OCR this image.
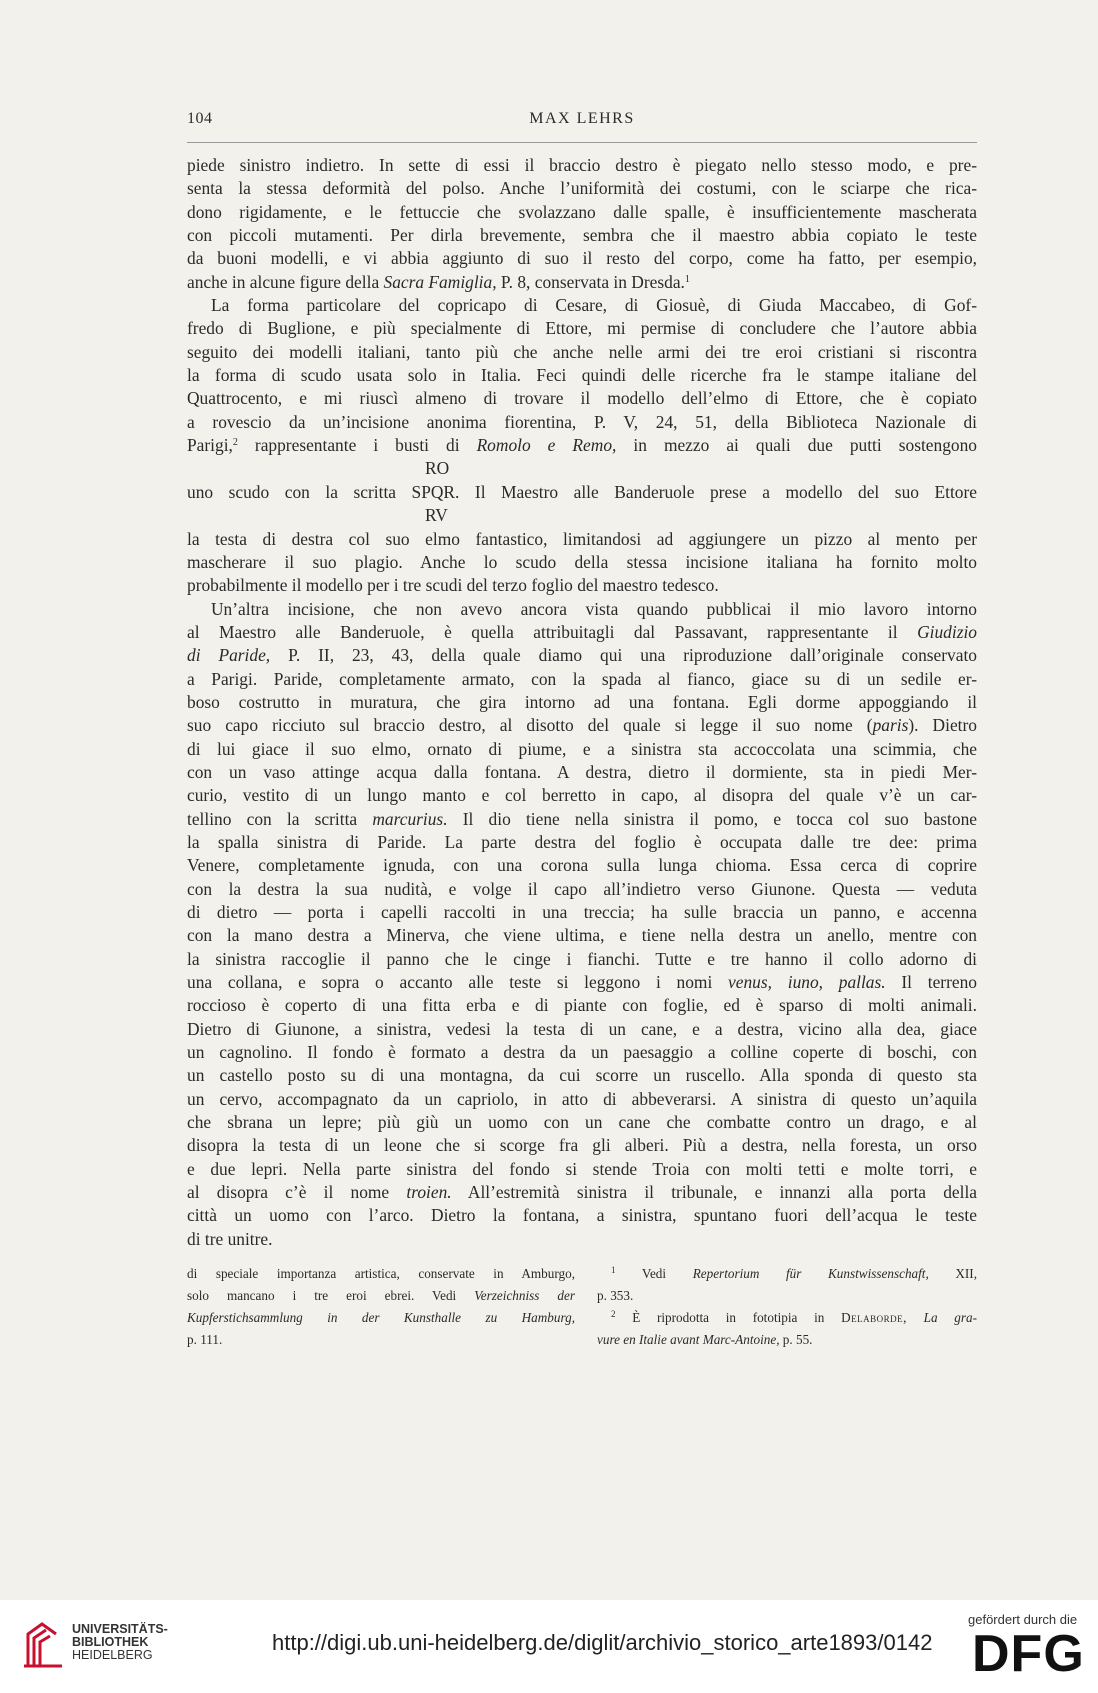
104	MAX LEHRS
piede sinistro indietro. In sette di essi il braccio destro è piegato nello stesso modo, e pre-
senta la stessa deformità del polso. Anche l’uniformità dei costumi, con le sciarpe che rica-
dono rigidamente, e le fettuccie che svolazzano dalle spalle, è insufficientemente mascherata
con piccoli mutamenti. Per dirla brevemente, sembra che il maestro abbia copiato le teste
da buoni modelli, e vi abbia aggiunto di suo il resto del corpo, come ha fatto, per esempio,
anche in alcune figure della Sacra Famiglia, P. 8, conservata in Dresda.$^1$
La forma particolare del copricapo di Cesare, di Giosuè, di Giuda Maccabeo, di Gof-
fredo di Buglione, e più specialmente di Ettore, mi permise di concludere che l’autore abbia
seguito dei modelli italiani, tanto più che anche nelle armi dei tre eroi cristiani si riscontra
la forma di scudo usata solo in Italia. Feci quindi delle ricerche fra le stampe italiane del
Quattrocento, e mi riuscì almeno di trovare il modello dell’elmo di Ettore, che è copiato
a rovescio da un’incisione anonima fiorentina, P. V, 24, 51, della Biblioteca Nazionale di
Parigi,$^2$ rappresentante i busti di Romolo e Remo, in mezzo ai quali due putti sostengono
RO
uno scudo con la scritta SPQR. Il Maestro alle Banderuole prese a modello del suo Ettore
RV
la testa di destra col suo elmo fantastico, limitandosi ad aggiungere un pizzo al mento per
mascherare il suo plagio. Anche lo scudo della stessa incisione italiana ha fornito molto
probabilmente il modello per i tre scudi del terzo foglio del maestro tedesco.
Un’altra incisione, che non avevo ancora vista quando pubblicai il mio lavoro intorno
al Maestro alle Banderuole, è quella attribuitagli dal Passavant, rappresentante il Giudizio
di Paride, P. II, 23, 43, della quale diamo qui una riproduzione dall’originale conservato
a Parigi. Paride, completamente armato, con la spada al fianco, giace su di un sedile er-
boso costrutto in muratura, che gira intorno ad una fontana. Egli dorme appoggiando il
suo capo ricciuto sul braccio destro, al disotto del quale si legge il suo nome (paris). Dietro
di lui giace il suo elmo, ornato di piume, e a sinistra sta accoccolata una scimmia, che
con un vaso attinge acqua dalla fontana. A destra, dietro il dormiente, sta in piedi Mer-
curio, vestito di un lungo manto e col berretto in capo, al disopra del quale v’è un car-
tellino con la scritta marcurius. Il dio tiene nella sinistra il pomo, e tocca col suo bastone
la spalla sinistra di Paride. La parte destra del foglio è occupata dalle tre dee: prima
Venere, completamente ignuda, con una corona sulla lunga chioma. Essa cerca di coprire
con la destra la sua nudità, e volge il capo all’indietro verso Giunone. Questa — veduta
di dietro — porta i capelli raccolti in una treccia; ha sulle braccia un panno, e accenna
con la mano destra a Minerva, che viene ultima, e tiene nella destra un anello, mentre con
la sinistra raccoglie il panno che le cinge i fianchi. Tutte e tre hanno il collo adorno di
una collana, e sopra o accanto alle teste si leggono i nomi venus, iuno, pallas. Il terreno
roccioso è coperto di una fitta erba e di piante con foglie, ed è sparso di molti animali.
Dietro di Giunone, a sinistra, vedesi la testa di un cane, e a destra, vicino alla dea, giace
un cagnolino. Il fondo è formato a destra da un paesaggio a colline coperte di boschi, con
un castello posto su di una montagna, da cui scorre un ruscello. Alla sponda di questo sta
un cervo, accompagnato da un capriolo, in atto di abbeverarsi. A sinistra di questo un’aquila
che sbrana un lepre; più giù un uomo con un cane che combatte contro un drago, e al
disopra la testa di un leone che si scorge fra gli alberi. Più a destra, nella foresta, un orso
e due lepri. Nella parte sinistra del fondo si stende Troia con molti tetti e molte torri, e
al disopra c’è il nome troien. All’estremità sinistra il tribunale, e innanzi alla porta della
città un uomo con l’arco. Dietro la fontana, a sinistra, spuntano fuori dell’acqua le teste
di tre unitre.
di speciale importanza artistica, conservate in Amburgo,
solo mancano i tre eroi ebrei. Vedi Verzeichniss der
Kupferstichsammlung in der Kunsthalle zu Hamburg,
p. 111.
$^1$ Vedi Repertorium für Kunstwissenschaft, XII,
p. 353.
$^2$ È riprodotta in fototipia in Delaborde, La gra-
vure en Italie avant Marc-Antoine, p. 55.
UNIVERSITÄTS-
BIBLIOTHEK
HEIDELBERG	http://digi.ub.uni-heidelberg.de/diglit/archivio_storico_arte1893/0142
gefördert durch die
DFG
